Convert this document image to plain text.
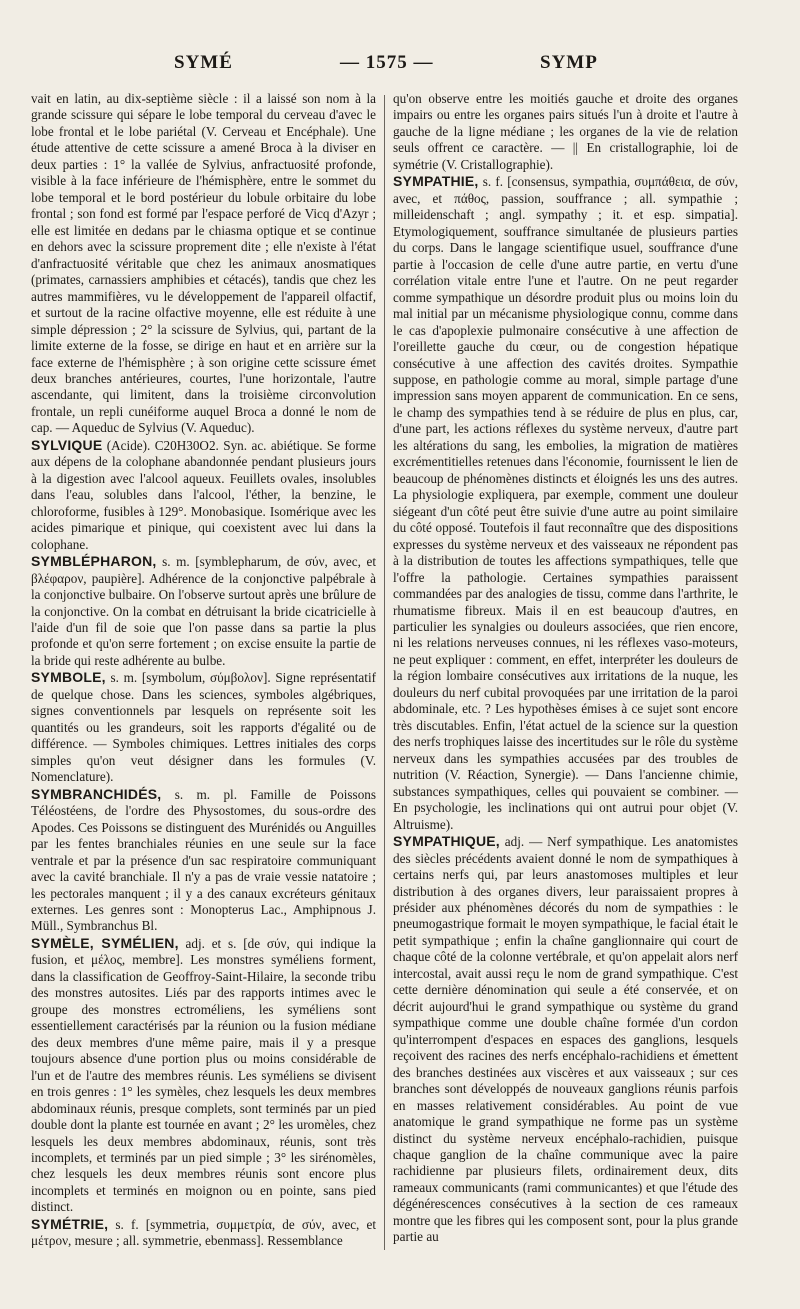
SYMÉ	— 1575 —	SYMP

vait en latin, au dix-septième siècle : il a laissé son nom à la grande scissure qui sépare le lobe temporal du cerveau d'avec le lobe frontal et le lobe pariétal (V. Cerveau et Encéphale). Une étude attentive de cette scissure a amené Broca à la diviser en deux parties : 1° la vallée de Sylvius, anfractuosité profonde, visible à la face inférieure de l'hémisphère, entre le sommet du lobe temporal et le bord postérieur du lobule orbitaire du lobe frontal ; son fond est formé par l'espace perforé de Vicq d'Azyr ; elle est limitée en dedans par le chiasma optique et se continue en dehors avec la scissure proprement dite ; elle n'existe à l'état d'anfractuosité véritable que chez les animaux anosmatiques (primates, carnassiers amphibies et cétacés), tandis que chez les autres mammifières, vu le développement de l'appareil olfactif, et surtout de la racine olfactive moyenne, elle est réduite à une simple dépression ; 2° la scissure de Sylvius, qui, partant de la limite externe de la fosse, se dirige en haut et en arrière sur la face externe de l'hémisphère ; à son origine cette scissure émet deux branches antérieures, courtes, l'une horizontale, l'autre ascendante, qui limitent, dans la troisième circonvolution frontale, un repli cunéiforme auquel Broca a donné le nom de cap. — Aqueduc de Sylvius (V. Aqueduc).

SYLVIQUE (Acide). C20H30O2. Syn. ac. abiétique. Se forme aux dépens de la colophane abandonnée pendant plusieurs jours à la digestion avec l'alcool aqueux. Feuillets ovales, insolubles dans l'eau, solubles dans l'alcool, l'éther, la benzine, le chloroforme, fusibles à 129°. Monobasique. Isomérique avec les acides pimarique et pinique, qui coexistent avec lui dans la colophane.

SYMBLÉPHARON, s. m. [symblepharum, de σύν, avec, et βλέφαρον, paupière]. Adhérence de la conjonctive palpébrale à la conjonctive bulbaire. On l'observe surtout après une brûlure de la conjonctive. On la combat en détruisant la bride cicatricielle à l'aide d'un fil de soie que l'on passe dans sa partie la plus profonde et qu'on serre fortement ; on excise ensuite la partie de la bride qui reste adhérente au bulbe.

SYMBOLE, s. m. [symbolum, σύμβολον]. Signe représentatif de quelque chose. Dans les sciences, symboles algébriques, signes conventionnels par lesquels on représente soit les quantités ou les grandeurs, soit les rapports d'égalité ou de différence. — Symboles chimiques. Lettres initiales des corps simples qu'on veut désigner dans les formules (V. Nomenclature).

SYMBRANCHIDÉS, s. m. pl. Famille de Poissons Téléostéens, de l'ordre des Physostomes, du sous-ordre des Apodes. Ces Poissons se distinguent des Murénidés ou Anguilles par les fentes branchiales réunies en une seule sur la face ventrale et par la présence d'un sac respiratoire communiquant avec la cavité branchiale. Il n'y a pas de vraie vessie natatoire ; les pectorales manquent ; il y a des canaux excréteurs génitaux externes. Les genres sont : Monopterus Lac., Amphipnous J. Müll., Symbranchus Bl.

SYMÈLE, SYMÉLIEN, adj. et s. [de σύν, qui indique la fusion, et μέλος, membre]. Les monstres syméliens forment, dans la classification de Geoffroy-Saint-Hilaire, la seconde tribu des monstres autosites. Liés par des rapports intimes avec le groupe des monstres ectroméliens, les syméliens sont essentiellement caractérisés par la réunion ou la fusion médiane des deux membres d'une même paire, mais il y a presque toujours absence d'une portion plus ou moins considérable de l'un et de l'autre des membres réunis. Les syméliens se divisent en trois genres : 1° les symèles, chez lesquels les deux membres abdominaux réunis, presque complets, sont terminés par un pied double dont la plante est tournée en avant ; 2° les uromèles, chez lesquels les deux membres abdominaux, réunis, sont très incomplets, et terminés par un pied simple ; 3° les sirénomèles, chez lesquels les deux membres réunis sont encore plus incomplets et terminés en moignon ou en pointe, sans pied distinct.

SYMÉTRIE, s. f. [symmetria, συμμετρία, de σύν, avec, et μέτρον, mesure ; all. symmetrie, ebenmass]. Ressemblance

qu'on observe entre les moitiés gauche et droite des organes impairs ou entre les organes pairs situés l'un à droite et l'autre à gauche de la ligne médiane ; les organes de la vie de relation seuls offrent ce caractère. — || En cristallographie, loi de symétrie (V. Cristallographie).

SYMPATHIE, s. f. [consensus, sympathia, συμπάθεια, de σύν, avec, et πάθος, passion, souffrance ; all. sympathie ; milleidenschaft ; angl. sympathy ; it. et esp. simpatia]. Etymologiquement, souffrance simultanée de plusieurs parties du corps. Dans le langage scientifique usuel, souffrance d'une partie à l'occasion de celle d'une autre partie, en vertu d'une corrélation vitale entre l'une et l'autre. On ne peut regarder comme sympathique un désordre produit plus ou moins loin du mal initial par un mécanisme physiologique connu, comme dans le cas d'apoplexie pulmonaire consécutive à une affection de l'oreillette gauche du cœur, ou de congestion hépatique consécutive à une affection des cavités droites. Sympathie suppose, en pathologie comme au moral, simple partage d'une impression sans moyen apparent de communication. En ce sens, le champ des sympathies tend à se réduire de plus en plus, car, d'une part, les actions réflexes du système nerveux, d'autre part les altérations du sang, les embolies, la migration de matières excrémentitielles retenues dans l'économie, fournissent le lien de beaucoup de phénomènes distincts et éloignés les uns des autres. La physiologie expliquera, par exemple, comment une douleur siégeant d'un côté peut être suivie d'une autre au point similaire du côté opposé. Toutefois il faut reconnaître que des dispositions expresses du système nerveux et des vaisseaux ne répondent pas à la distribution de toutes les affections sympathiques, telle que l'offre la pathologie. Certaines sympathies paraissent commandées par des analogies de tissu, comme dans l'arthrite, le rhumatisme fibreux. Mais il en est beaucoup d'autres, en particulier les synalgies ou douleurs associées, que rien encore, ni les relations nerveuses connues, ni les réflexes vaso-moteurs, ne peut expliquer : comment, en effet, interpréter les douleurs de la région lombaire consécutives aux irritations de la nuque, les douleurs du nerf cubital provoquées par une irritation de la paroi abdominale, etc. ? Les hypothèses émises à ce sujet sont encore très discutables. Enfin, l'état actuel de la science sur la question des nerfs trophiques laisse des incertitudes sur le rôle du système nerveux dans les sympathies accusées par des troubles de nutrition (V. Réaction, Synergie). — Dans l'ancienne chimie, substances sympathiques, celles qui pouvaient se combiner. — En psychologie, les inclinations qui ont autrui pour objet (V. Altruisme).

SYMPATHIQUE, adj. — Nerf sympathique. Les anatomistes des siècles précédents avaient donné le nom de sympathiques à certains nerfs qui, par leurs anastomoses multiples et leur distribution à des organes divers, leur paraissaient propres à présider aux phénomènes décorés du nom de sympathies : le pneumogastrique formait le moyen sympathique, le facial était le petit sympathique ; enfin la chaîne ganglionnaire qui court de chaque côté de la colonne vertébrale, et qu'on appelait alors nerf intercostal, avait aussi reçu le nom de grand sympathique. C'est cette dernière dénomination qui seule a été conservée, et on décrit aujourd'hui le grand sympathique ou système du grand sympathique comme une double chaîne formée d'un cordon qu'interrompent d'espaces en espaces des ganglions, lesquels reçoivent des racines des nerfs encéphalo-rachidiens et émettent des branches destinées aux viscères et aux vaisseaux ; sur ces branches sont développés de nouveaux ganglions réunis parfois en masses relativement considérables. Au point de vue anatomique le grand sympathique ne forme pas un système distinct du système nerveux encéphalo-rachidien, puisque chaque ganglion de la chaîne communique avec la paire rachidienne par plusieurs filets, ordinairement deux, dits rameaux communicants (rami communicantes) et que l'étude des dégénérescences consécutives à la section de ces rameaux montre que les fibres qui les composent sont, pour la plus grande partie au
